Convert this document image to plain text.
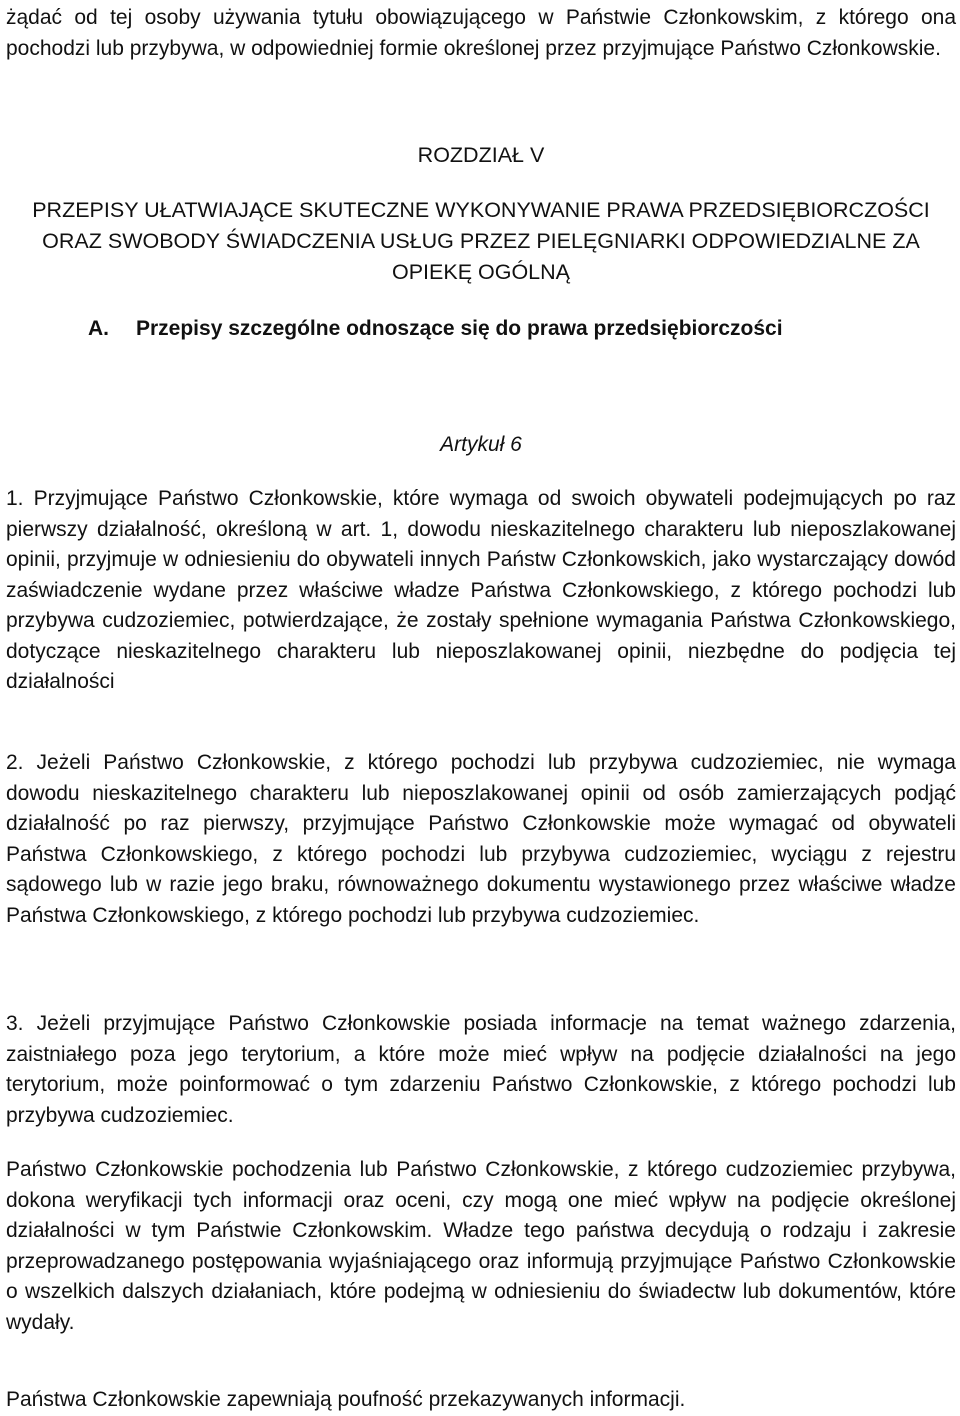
żądać od tej osoby używania tytułu obowiązującego w Państwie Członkowskim, z którego ona pochodzi lub przybywa, w odpowiedniej formie określonej przez przyjmujące Państwo Członkowskie.
ROZDZIAŁ V
PRZEPISY UŁATWIAJĄCE SKUTECZNE WYKONYWANIE PRAWA PRZEDSIĘBIORCZOŚCI ORAZ SWOBODY ŚWIADCZENIA USŁUG PRZEZ PIELĘGNIARKI ODPOWIEDZIALNE ZA OPIEKĘ OGÓLNĄ
A. Przepisy szczególne odnoszące się do prawa przedsiębiorczości
Artykuł 6
1. Przyjmujące Państwo Członkowskie, które wymaga od swoich obywateli podejmujących po raz pierwszy działalność, określoną w art. 1, dowodu nieskazitelnego charakteru lub nieposzlakowanej opinii, przyjmuje w odniesieniu do obywateli innych Państw Członkowskich, jako wystarczający dowód zaświadczenie wydane przez właściwe władze Państwa Członkowskiego, z którego pochodzi lub przybywa cudzoziemiec, potwierdzające, że zostały spełnione wymagania Państwa Członkowskiego, dotyczące nieskazitelnego charakteru lub nieposzlakowanej opinii, niezbędne do podjęcia tej działalności
2. Jeżeli Państwo Członkowskie, z którego pochodzi lub przybywa cudzoziemiec, nie wymaga dowodu nieskazitelnego charakteru lub nieposzlakowanej opinii od osób zamierzających podjąć działalność po raz pierwszy, przyjmujące Państwo Członkowskie może wymagać od obywateli Państwa Członkowskiego, z którego pochodzi lub przybywa cudzoziemiec, wyciągu z rejestru sądowego lub w razie jego braku, równoważnego dokumentu wystawionego przez właściwe władze Państwa Członkowskiego, z którego pochodzi lub przybywa cudzoziemiec.
3. Jeżeli przyjmujące Państwo Członkowskie posiada informacje na temat ważnego zdarzenia, zaistniałego poza jego terytorium, a które może mieć wpływ na podjęcie działalności na jego terytorium, może poinformować o tym zdarzeniu Państwo Członkowskie, z którego pochodzi lub przybywa cudzoziemiec.
Państwo Członkowskie pochodzenia lub Państwo Członkowskie, z którego cudzoziemiec przybywa, dokona weryfikacji tych informacji oraz oceni, czy mogą one mieć wpływ na podjęcie określonej działalności w tym Państwie Członkowskim. Władze tego państwa decydują o rodzaju i zakresie przeprowadzanego postępowania wyjaśniającego oraz informują przyjmujące Państwo Członkowskie o wszelkich dalszych działaniach, które podejmą w odniesieniu do świadectw lub dokumentów, które wydały.
Państwa Członkowskie zapewniają poufność przekazywanych informacji.
